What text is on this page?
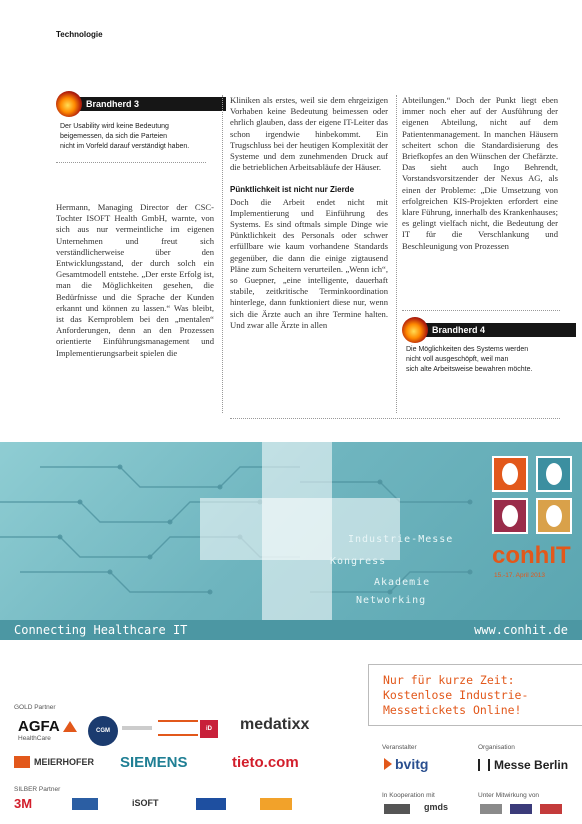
Technologie
Brandherd 3
Der Usability wird keine Bedeutung
beigemessen, da sich die Parteien
nicht im Vorfeld darauf verständigt haben.

Hermann, Managing Director der CSC-Tochter ISOFT Health GmbH, warnte, von sich aus nur vermeintliche im eigenen Unternehmen und freut sich verständlicherweise über den Entwicklungsstand, der durch solch ein Gesamtmodell entstehe. „Der erste Erfolg ist, man die Möglichkeiten gesehen, die Bedürfnisse und die Sprache der Kunden erkannt und können zu lassen.“ Was bleibt, ist das Kernproblem bei den „mentalen“ Anforderungen, denn an den Prozessen orientierte Einführungsmanagement und Implementierungsarbeit spielen die

Kliniken als erstes, weil sie dem ehrgeizigen Vorhaben keine Bedeutung beimessen oder ehrlich glauben, dass der eigene IT-Leiter das schon irgendwie hinbekommt. Ein Trugschluss bei der heutigen Komplexität der Systeme und dem zunehmenden Druck auf die betrieblichen Arbeitsabläufe der Häuser.

Pünktlichkeit ist nicht nur Zierde

Doch die Arbeit endet nicht mit Implementierung und Einführung des Systems. Es sind oftmals simple Dinge wie Pünktlichkeit des Personals oder schwer erfüllbare wie kaum vorhandene Standards gegenüber, die dann die einige zigtausend Pläne zum Scheitern verurteilen. „Wenn ich“, so Guepner, „eine intelligente, dauerhaft stabile, zeitkritische Terminkoordination hinterlege, dann funktioniert diese nur, wenn sich die Ärzte auch an ihre Termine halten. Und zwar alle Ärzte in allen

Abteilungen.“ Doch der Punkt liegt eben immer noch eher auf der Ausführung der eigenen Abteilung, nicht auf dem Patientenmanagement. In manchen Häusern scheitert schon die Standardisierung des Briefkopfes an den Wünschen der Chefärzte. Das sieht auch Ingo Behrendt, Vorstandsvorsitzender der Nexus AG, als einen der Probleme: „Die Umsetzung von erfolgreichen KIS-Projekten erfordert eine klare Führung, innerhalb des Krankenhauses; es gelingt vielfach nicht, die Bedeutung der IT für die Verschlankung und Beschleunigung von Prozessen

Brandherd 4
Die Möglichkeiten des Systems werden
nicht voll ausgeschöpft, weil man
sich alte Arbeitsweise bewahren möchte.
Industrie-Messe
Kongress
Akademie
Networking
conhIT
15.-17. April 2013
Connecting Healthcare IT	www.conhit.de
Nur für kurze Zeit:
Kostenlose Industrie-
Messetickets Online!
GOLD Partner
AGFA
HealthCare
CGM	iD	medatixx
MEIERHOFER SIEMENS	tieto.com
SILBER Partner
3M	iSOFT
Veranstalter
bvitg
Organisation
Messe Berlin
In Kooperation mit
gmds
Unter Mitwirkung von
